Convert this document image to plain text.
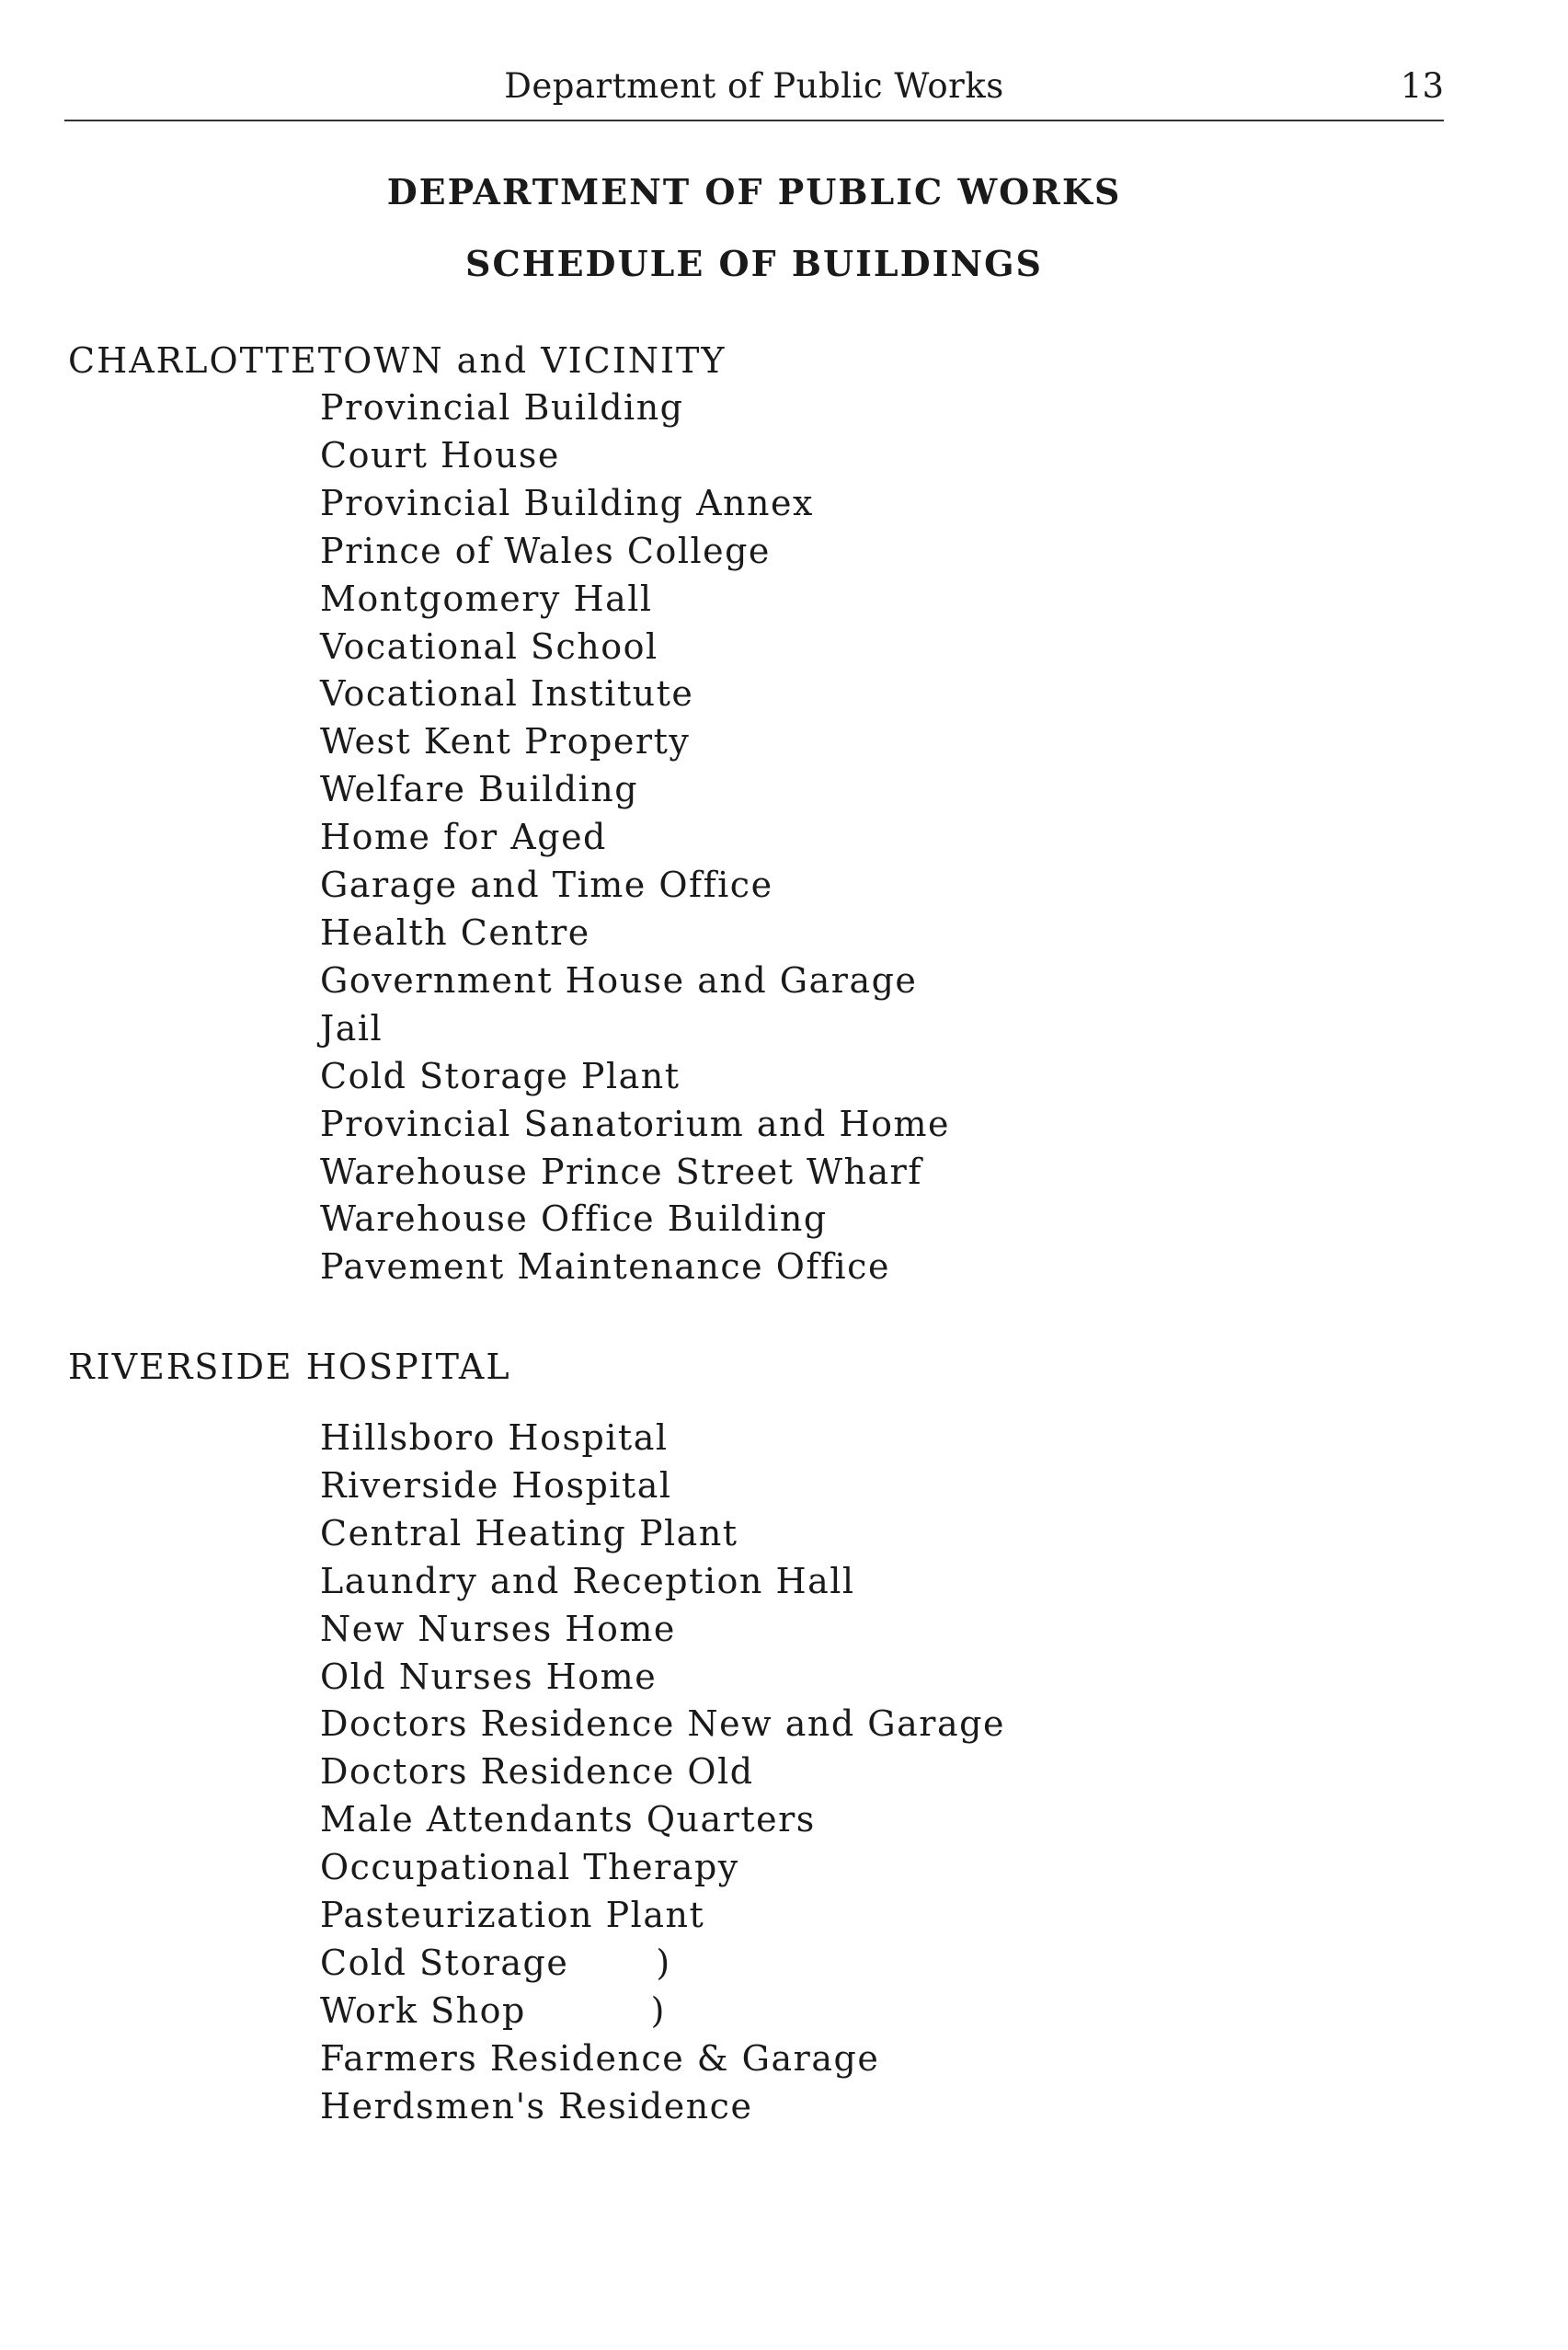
Department of Public Works	13
DEPARTMENT OF PUBLIC WORKS
SCHEDULE OF BUILDINGS
CHARLOTTETOWN and VICINITY
Provincial Building
Court House
Provincial Building Annex
Prince of Wales College
Montgomery Hall
Vocational School
Vocational Institute
West Kent Property
Welfare Building
Home for Aged
Garage and Time Office
Health Centre
Government House and Garage
Jail
Cold Storage Plant
Provincial Sanatorium and Home
Warehouse Prince Street Wharf
Warehouse Office Building
Pavement Maintenance Office
RIVERSIDE HOSPITAL
Hillsboro Hospital
Riverside Hospital
Central Heating Plant
Laundry and Reception Hall
New Nurses Home
Old Nurses Home
Doctors Residence New and Garage
Doctors Residence Old
Male Attendants Quarters
Occupational Therapy
Pasteurization Plant
Cold Storage       )
Work Shop          )
Farmers Residence & Garage
Herdsmen's Residence
